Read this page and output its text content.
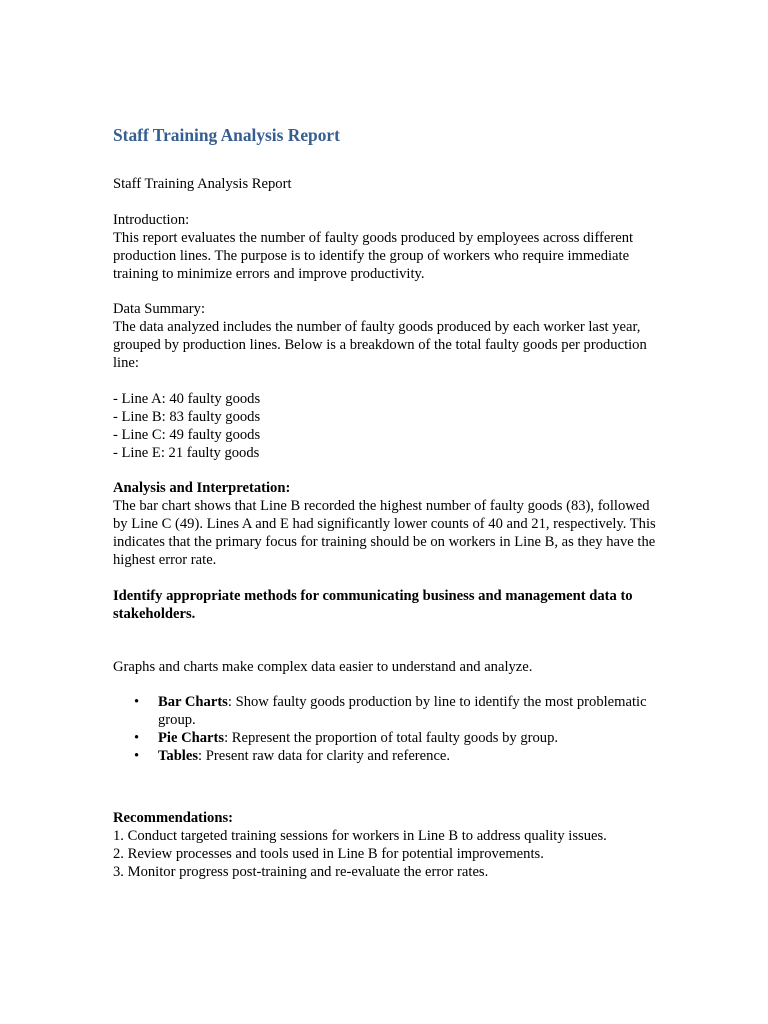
Staff Training Analysis Report

Staff Training Analysis Report

Introduction:

This report evaluates the number of faulty goods produced by employees across different production lines. The purpose is to identify the group of workers who require immediate training to minimize errors and improve productivity.

Data Summary:

The data analyzed includes the number of faulty goods produced by each worker last year, grouped by production lines. Below is a breakdown of the total faulty goods per production line:

- Line A: 40 faulty goods

- Line B: 83 faulty goods

- Line C: 49 faulty goods

- Line E: 21 faulty goods

Analysis and Interpretation:

The bar chart shows that Line B recorded the highest number of faulty goods (83), followed by Line C (49). Lines A and E had significantly lower counts of 40 and 21, respectively. This indicates that the primary focus for training should be on workers in Line B, as they have the highest error rate.

Identify appropriate methods for communicating business and management data to stakeholders.

Graphs and charts make complex data easier to understand and analyze.

• Bar Charts: Show faulty goods production by line to identify the most problematic group.
• Pie Charts: Represent the proportion of total faulty goods by group.
• Tables: Present raw data for clarity and reference.

Recommendations:

1. Conduct targeted training sessions for workers in Line B to address quality issues.

2. Review processes and tools used in Line B for potential improvements.

3. Monitor progress post-training and re-evaluate the error rates.
